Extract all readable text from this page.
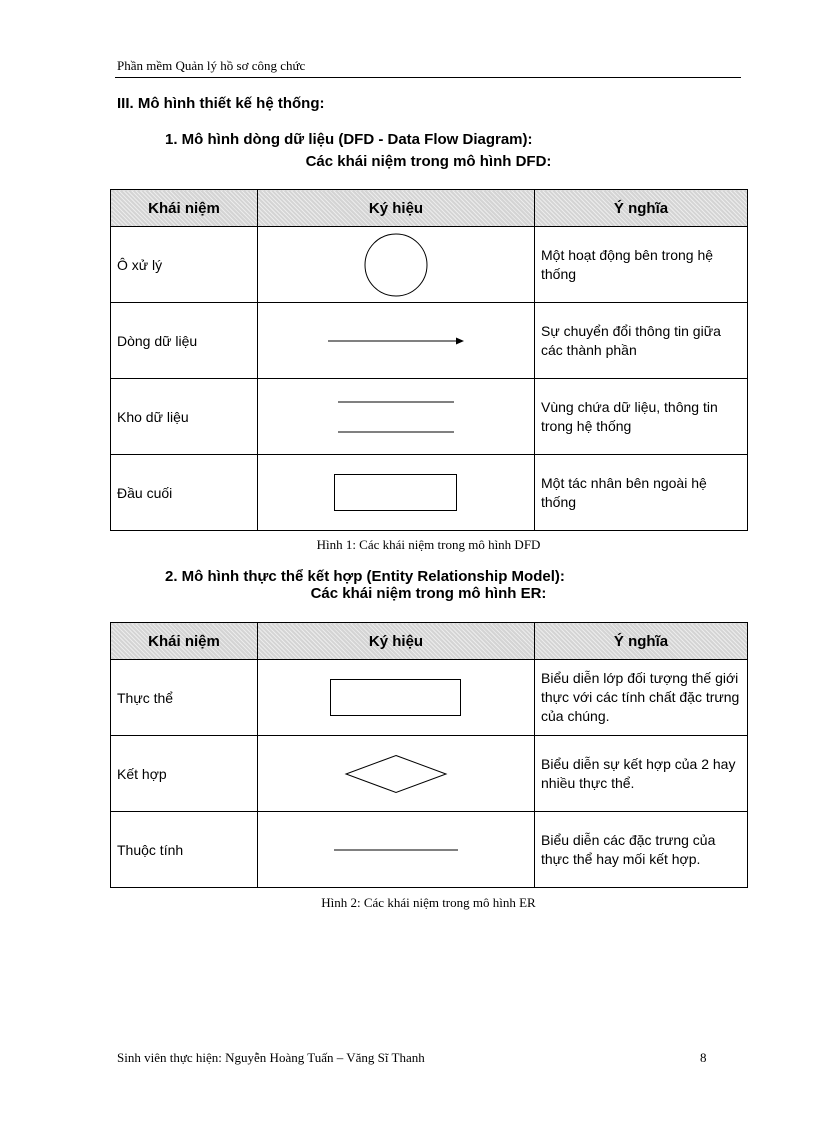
Phần mềm Quản lý hồ sơ công chức
III. Mô hình thiết kế hệ thống:
1. Mô hình dòng dữ liệu (DFD - Data Flow Diagram):
Các khái niệm trong mô hình DFD:
Khái niệm	Ký hiệu	Ý nghĩa
Ô xử lý		Một hoạt động bên trong hệ thống
Dòng dữ liệu		Sự chuyển đổi thông tin giữa các thành phần
Kho dữ liệu		Vùng chứa dữ liệu, thông tin trong hệ thống
Đầu cuối		Một tác nhân bên ngoài hệ thống
Hình 1: Các khái niệm trong mô hình DFD
2. Mô hình thực thể kết hợp (Entity Relationship Model):
Các khái niệm trong mô hình ER:
Khái niệm	Ký hiệu	Ý nghĩa
Thực thể		Biểu diễn lớp đối tượng thế giới thực với các tính chất đặc trưng của chúng.
Kết hợp		Biểu diễn sự kết hợp của 2 hay nhiều thực thể.
Thuộc tính		Biểu diễn các đặc trưng của thực thể hay mối kết hợp.
Hình 2: Các khái niệm trong mô hình ER
Sinh viên thực hiện: Nguyễn Hoàng Tuấn – Văng Sĩ Thanh	8
